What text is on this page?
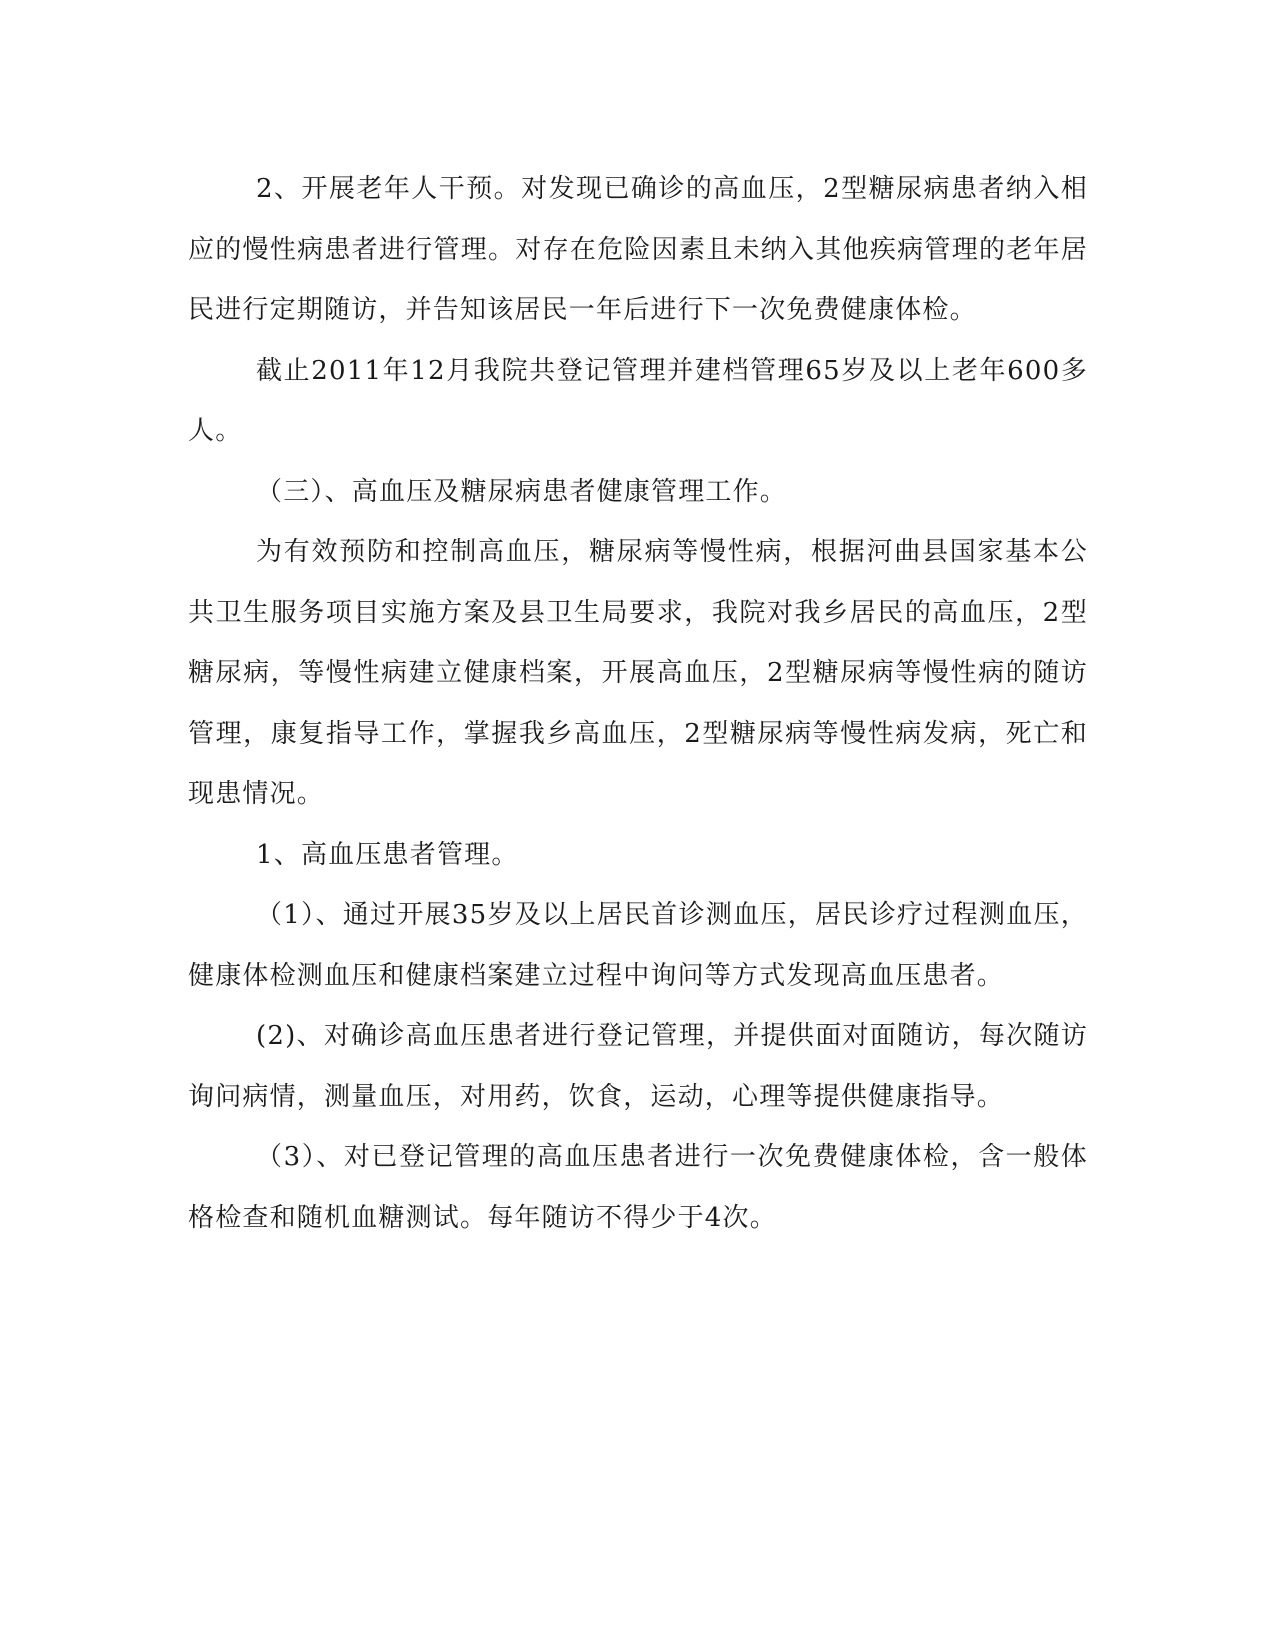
2、开展老年人干预。对发现已确诊的高血压，2型糖尿病患者纳入相应的慢性病患者进行管理。对存在危险因素且未纳入其他疾病管理的老年居民进行定期随访，并告知该居民一年后进行下一次免费健康体检。

截止2011年12月我院共登记管理并建档管理65岁及以上老年600多人。

（三）、高血压及糖尿病患者健康管理工作。

为有效预防和控制高血压，糖尿病等慢性病，根据河曲县国家基本公共卫生服务项目实施方案及县卫生局要求，我院对我乡居民的高血压，2型糖尿病，等慢性病建立健康档案，开展高血压，2型糖尿病等慢性病的随访管理，康复指导工作，掌握我乡高血压，2型糖尿病等慢性病发病，死亡和现患情况。

1、高血压患者管理。

（1）、通过开展35岁及以上居民首诊测血压，居民诊疗过程测血压，健康体检测血压和健康档案建立过程中询问等方式发现高血压患者。

(2)、对确诊高血压患者进行登记管理，并提供面对面随访，每次随访询问病情，测量血压，对用药，饮食，运动，心理等提供健康指导。

（3）、对已登记管理的高血压患者进行一次免费健康体检，含一般体格检查和随机血糖测试。每年随访不得少于4次。
